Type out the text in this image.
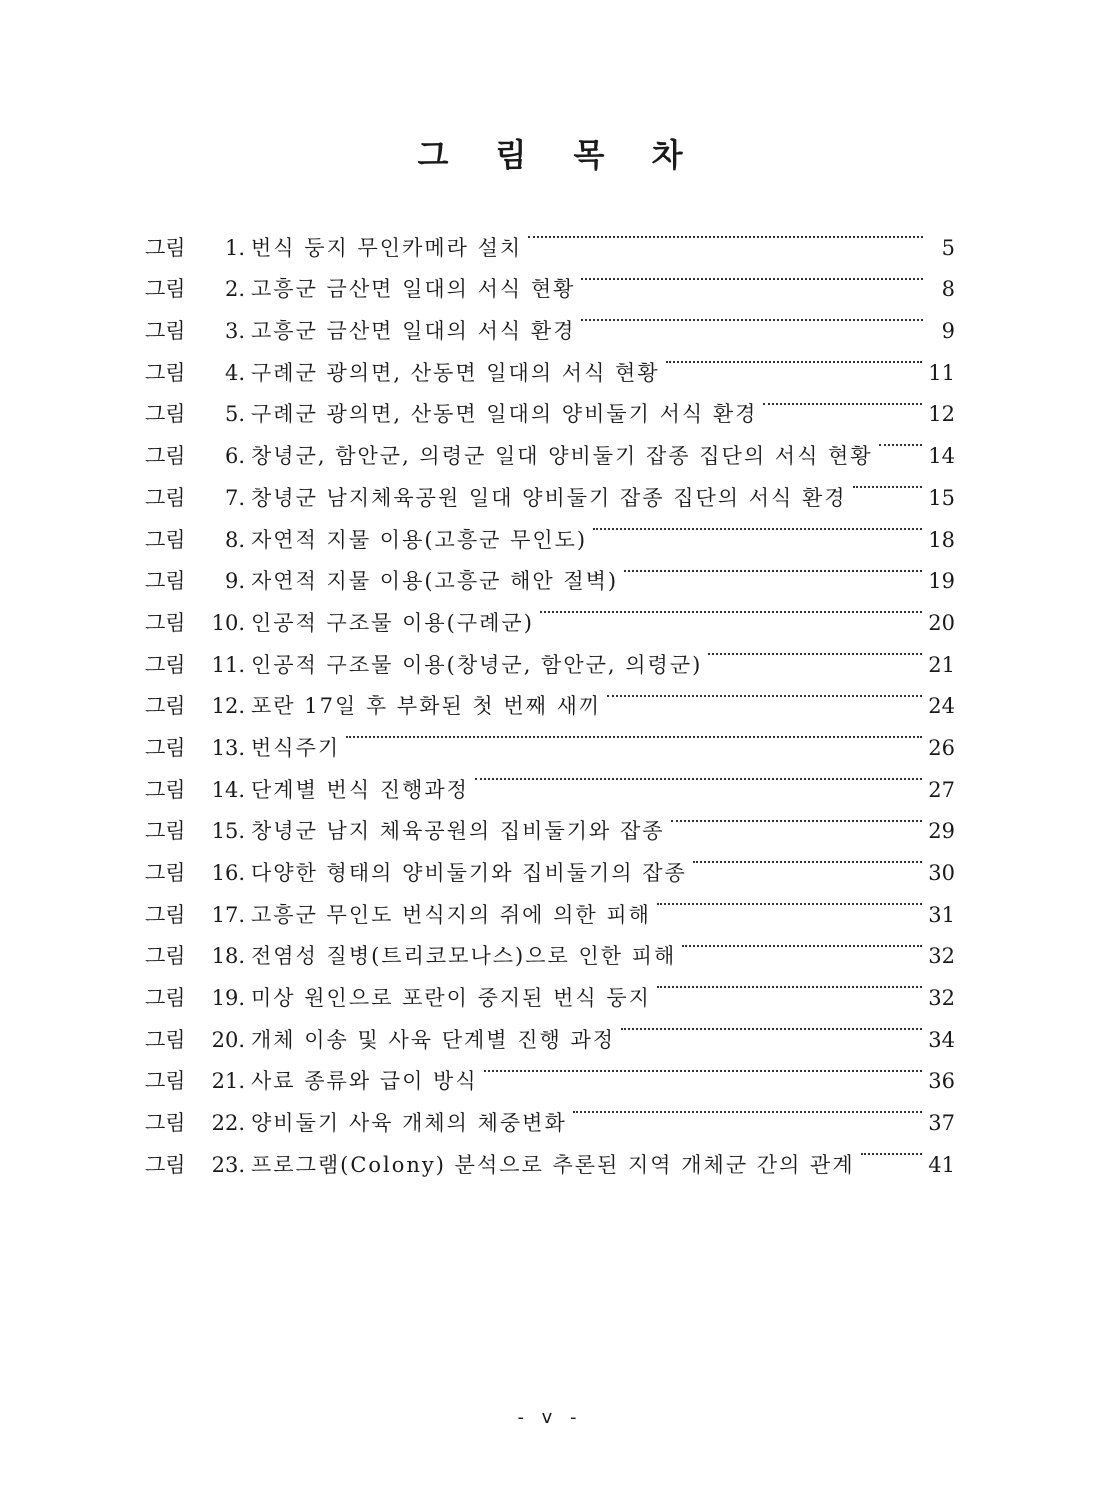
그 림 목 차
그림	1. 번식 둥지 무인카메라 설치	5
그림	2. 고흥군 금산면 일대의 서식 현황	8
그림	3. 고흥군 금산면 일대의 서식 환경	9
그림	4. 구례군 광의면, 산동면 일대의 서식 현황	11
그림	5. 구례군 광의면, 산동면 일대의 양비둘기 서식 환경	12
그림	6. 창녕군, 함안군, 의령군 일대 양비둘기 잡종 집단의 서식 현황	14
그림	7. 창녕군 남지체육공원 일대 양비둘기 잡종 집단의 서식 환경	15
그림	8. 자연적 지물 이용(고흥군 무인도)	18
그림	9. 자연적 지물 이용(고흥군 해안 절벽)	19
그림	10. 인공적 구조물 이용(구례군)	20
그림	11. 인공적 구조물 이용(창녕군, 함안군, 의령군)	21
그림	12. 포란 17일 후 부화된 첫 번째 새끼	24
그림	13. 번식주기	26
그림	14. 단계별 번식 진행과정	27
그림	15. 창녕군 남지 체육공원의 집비둘기와 잡종	29
그림	16. 다양한 형태의 양비둘기와 집비둘기의 잡종	30
그림	17. 고흥군 무인도 번식지의 쥐에 의한 피해	31
그림	18. 전염성 질병(트리코모나스)으로 인한 피해	32
그림	19. 미상 원인으로 포란이 중지된 번식 둥지	32
그림	20. 개체 이송 및 사육 단계별 진행 과정	34
그림	21. 사료 종류와 급이 방식	36
그림	22. 양비둘기 사육 개체의 체중변화	37
그림	23. 프로그램(Colony) 분석으로 추론된 지역 개체군 간의 관계	41
- v -
